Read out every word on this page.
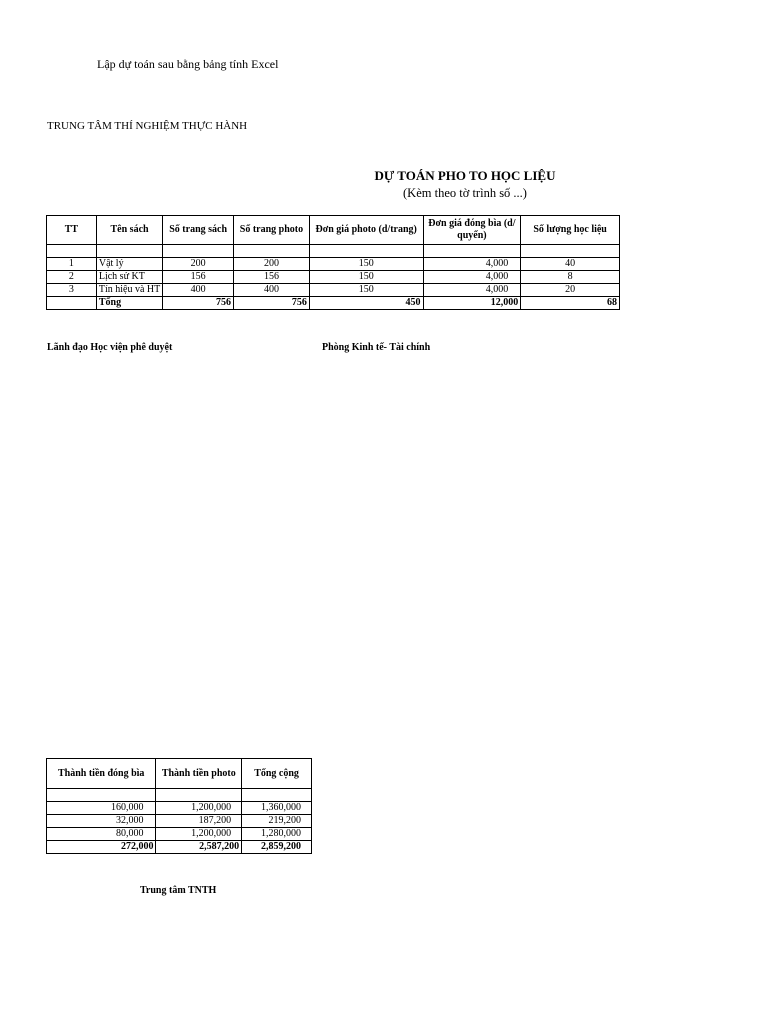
Lập dự toán sau bằng bảng tính Excel
TRUNG TÂM THÍ NGHIỆM THỰC HÀNH
DỰ TOÁN PHO TO HỌC LIỆU
(Kèm theo tờ trình số ...)
TT	Tên sách	Số trang sách	Số trang photo	Đơn giá photo (d/trang)	Đơn giá đóng bìa (d/ quyển)	Số lượng học liệu

1	Vật lý	200	200	150	4,000	40
2	Lịch sử KT	156	156	150	4,000	8
3	Tín hiệu và HT	400	400	150	4,000	20
	Tổng	756	756	450	12,000	68
Lãnh đạo Học viện phê duyệt	Phòng Kinh tế- Tài chính
Thành tiền đóng bìa	Thành tiền photo	Tổng cộng

160,000	1,200,000	1,360,000
32,000	187,200	219,200
80,000	1,200,000	1,280,000
272,000	2,587,200	2,859,200
Trung tâm TNTH
